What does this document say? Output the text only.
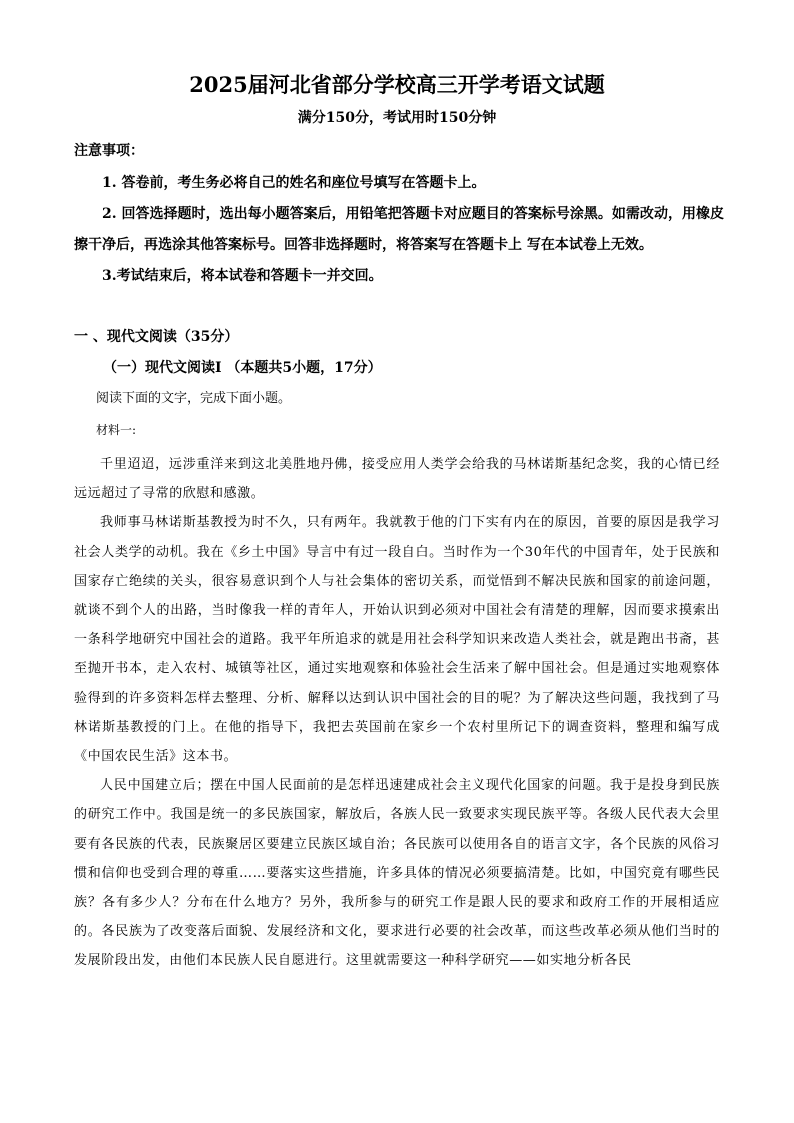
2025届河北省部分学校高三开学考语文试题
满分150分，考试用时150分钟
注意事项：
1. 答卷前，考生务必将自己的姓名和座位号填写在答题卡上。
2. 回答选择题时，选出每小题答案后，用铅笔把答题卡对应题目的答案标号涂黑。如需改动，用橡皮擦干净后，再选涂其他答案标号。回答非选择题时，将答案写在答题卡上 写在本试卷上无效。
3.考试结束后，将本试卷和答题卡一并交回。
一 、现代文阅读（35分）
（一）现代文阅读Ⅰ （本题共5小题，17分）
阅读下面的文字，完成下面小题。
材料一:

千里迢迢，远涉重洋来到这北美胜地丹佛，接受应用人类学会给我的马林诺斯基纪念奖，我的心情已经远远超过了寻常的欣慰和感激。

我师事马林诺斯基教授为时不久，只有两年。我就教于他的门下实有内在的原因，首要的原因是我学习社会人类学的动机。我在《乡土中国》导言中有过一段自白。当时作为一个30年代的中国青年，处于民族和国家存亡绝续的关头，很容易意识到个人与社会集体的密切关系，而觉悟到不解决民族和国家的前途问题，就谈不到个人的出路，当时像我一样的青年人，开始认识到必须对中国社会有清楚的理解，因而要求摸索出一条科学地研究中国社会的道路。我平年所追求的就是用社会科学知识来改造人类社会，就是跑出书斋，甚至抛开书本，走入农村、城镇等社区，通过实地观察和体验社会生活来了解中国社会。但是通过实地观察体验得到的许多资料怎样去整理、分析、解释以达到认识中国社会的目的呢？为了解决这些问题，我找到了马林诺斯基教授的门上。在他的指导下，我把去英国前在家乡一个农村里所记下的调查资料，整理和编写成《中国农民生活》这本书。

人民中国建立后；摆在中国人民面前的是怎样迅速建成社会主义现代化国家的问题。我于是投身到民族的研究工作中。我国是统一的多民族国家，解放后，各族人民一致要求实现民族平等。各级人民代表大会里要有各民族的代表，民族聚居区要建立民族区域自治；各民族可以使用各自的语言文字，各个民族的风俗习惯和信仰也受到合理的尊重……要落实这些措施，许多具体的情况必须要搞清楚。比如，中国究竟有哪些民族？各有多少人？分布在什么地方？另外，我所参与的研究工作是跟人民的要求和政府工作的开展相适应的。各民族为了改变落后面貌、发展经济和文化，要求进行必要的社会改革，而这些改革必须从他们当时的发展阶段出发，由他们本民族人民自愿进行。这里就需要这一种科学研究——如实地分析各民
